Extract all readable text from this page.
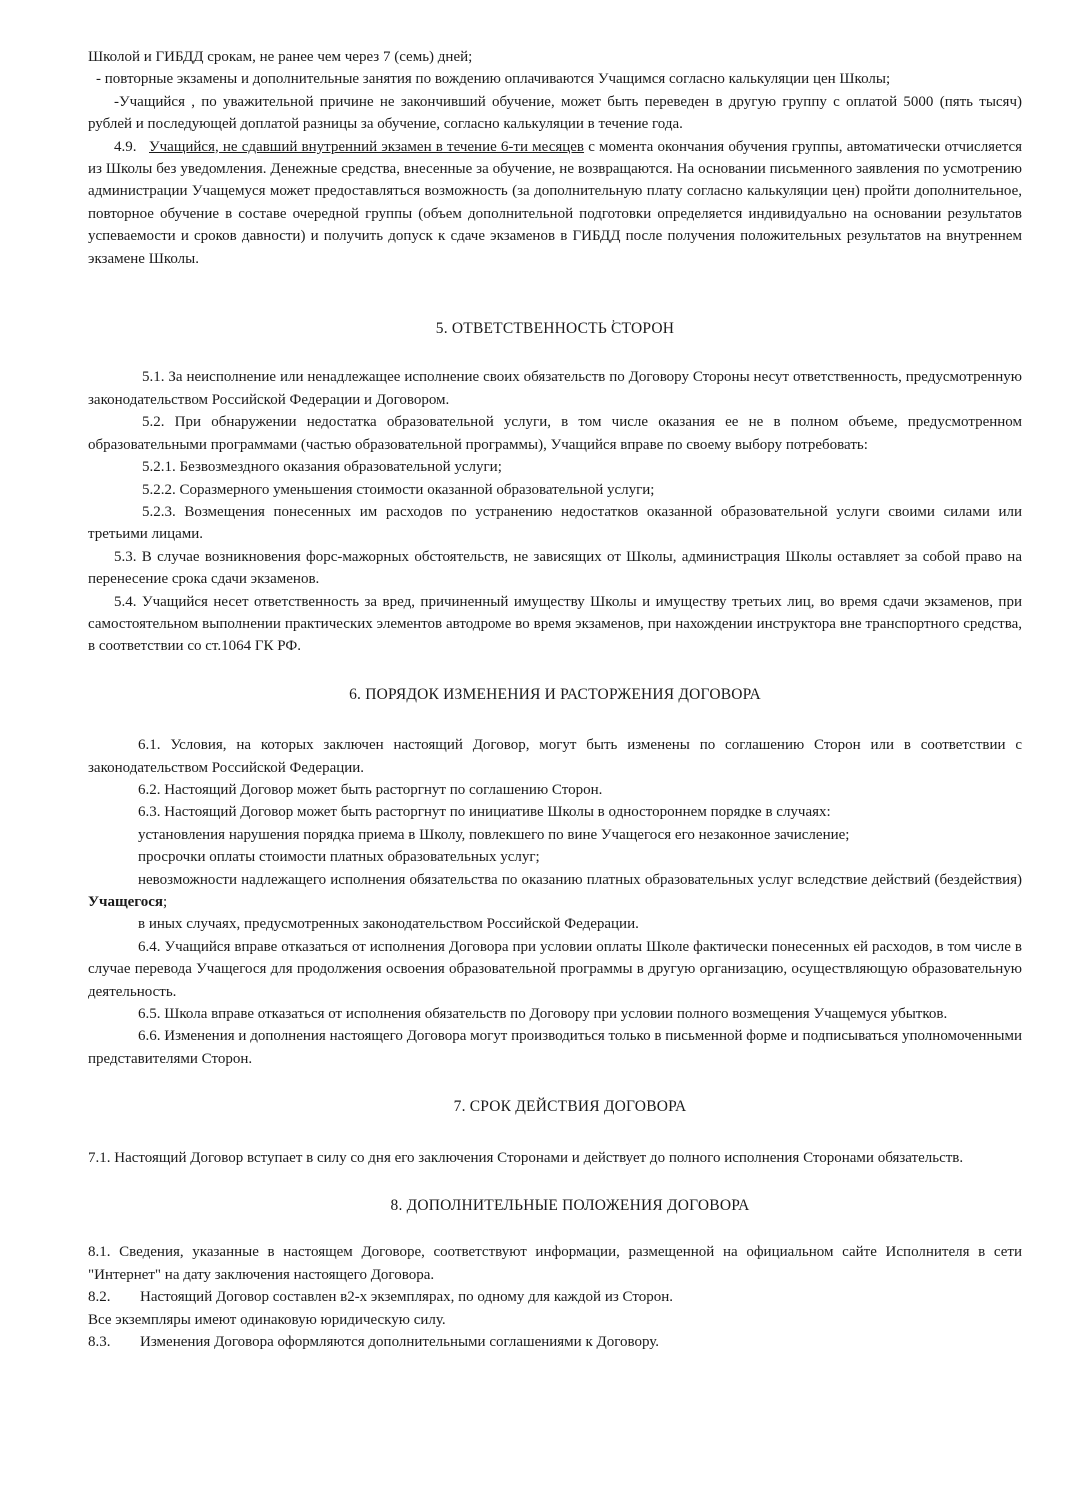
Школой и ГИБДД срокам, не ранее чем через 7 (семь) дней;

- повторные экзамены и дополнительные занятия по вождению оплачиваются Учащимся согласно калькуляции цен Школы;

-Учащийся , по уважительной причине не закончивший обучение, может быть переведен в другую группу с оплатой 5000 (пять тысяч) рублей и последующей доплатой разницы за обучение, согласно калькуляции в течение года.

4.9. Учащийся, не сдавший внутренний экзамен в течение 6-ти месяцев с момента окончания обучения группы, автоматически отчисляется из Школы без уведомления. Денежные средства, внесенные за обучение, не возвращаются. На основании письменного заявления по усмотрению администрации Учащемуся может предоставляться возможность (за дополнительную плату согласно калькуляции цен) пройти дополнительное, повторное обучение в составе очередной группы (объем дополнительной подготовки определяется индивидуально на основании результатов успеваемости и сроков давности) и получить допуск к сдаче экзаменов в ГИБДД после получения положительных результатов на внутреннем экзамене Школы.

5. ОТВЕТСТВЕННОСТЬ СТОРОН

5.1. За неисполнение или ненадлежащее исполнение своих обязательств по Договору Стороны несут ответственность, предусмотренную законодательством Российской Федерации и Договором.

5.2. При обнаружении недостатка образовательной услуги, в том числе оказания ее не в полном объеме, предусмотренном образовательными программами (частью образовательной программы), Учащийся вправе по своему выбору потребовать:

5.2.1. Безвозмездного оказания образовательной услуги;

5.2.2. Соразмерного уменьшения стоимости оказанной образовательной услуги;

5.2.3. Возмещения понесенных им расходов по устранению недостатков оказанной образовательной услуги своими силами или третьими лицами.

5.3. В случае возникновения форс-мажорных обстоятельств, не зависящих от Школы, администрация Школы оставляет за собой право на перенесение срока сдачи экзаменов.

5.4. Учащийся несет ответственность за вред, причиненный имуществу Школы и имуществу третьих лиц, во время сдачи экзаменов, при самостоятельном выполнении практических элементов автодроме во время экзаменов, при нахождении инструктора вне транспортного средства, в соответствии со ст.1064 ГК РФ.

6. ПОРЯДОК ИЗМЕНЕНИЯ И РАСТОРЖЕНИЯ ДОГОВОРА

6.1. Условия, на которых заключен настоящий Договор, могут быть изменены по соглашению Сторон или в соответствии с законодательством Российской Федерации.

6.2. Настоящий Договор может быть расторгнут по соглашению Сторон.

6.3. Настоящий Договор может быть расторгнут по инициативе Школы в одностороннем порядке в случаях:

установления нарушения порядка приема в Школу, повлекшего по вине Учащегося его незаконное зачисление;

просрочки оплаты стоимости платных образовательных услуг;

невозможности надлежащего исполнения обязательства по оказанию платных образовательных услуг вследствие действий (бездействия) Учащегося;

в иных случаях, предусмотренных законодательством Российской Федерации.

6.4. Учащийся вправе отказаться от исполнения Договора при условии оплаты Школе фактически понесенных ей расходов, в том числе в случае перевода Учащегося для продолжения освоения образовательной программы в другую организацию, осуществляющую образовательную деятельность.

6.5. Школа вправе отказаться от исполнения обязательств по Договору при условии полного возмещения Учащемуся убытков.

6.6. Изменения и дополнения настоящего Договора могут производиться только в письменной форме и подписываться уполномоченными представителями Сторон.

7. СРОК ДЕЙСТВИЯ ДОГОВОРА

7.1. Настоящий Договор вступает в силу со дня его заключения Сторонами и действует до полного исполнения Сторонами обязательств.

8. ДОПОЛНИТЕЛЬНЫЕ ПОЛОЖЕНИЯ ДОГОВОРА

8.1. Сведения, указанные в настоящем Договоре, соответствуют информации, размещенной на официальном сайте Исполнителя в сети "Интернет" на дату заключения настоящего Договора.

8.2. Настоящий Договор составлен в2-х экземплярах, по одному для каждой из Сторон.

Все экземпляры имеют одинаковую юридическую силу.

8.3. Изменения Договора оформляются дополнительными соглашениями к Договору.

,
